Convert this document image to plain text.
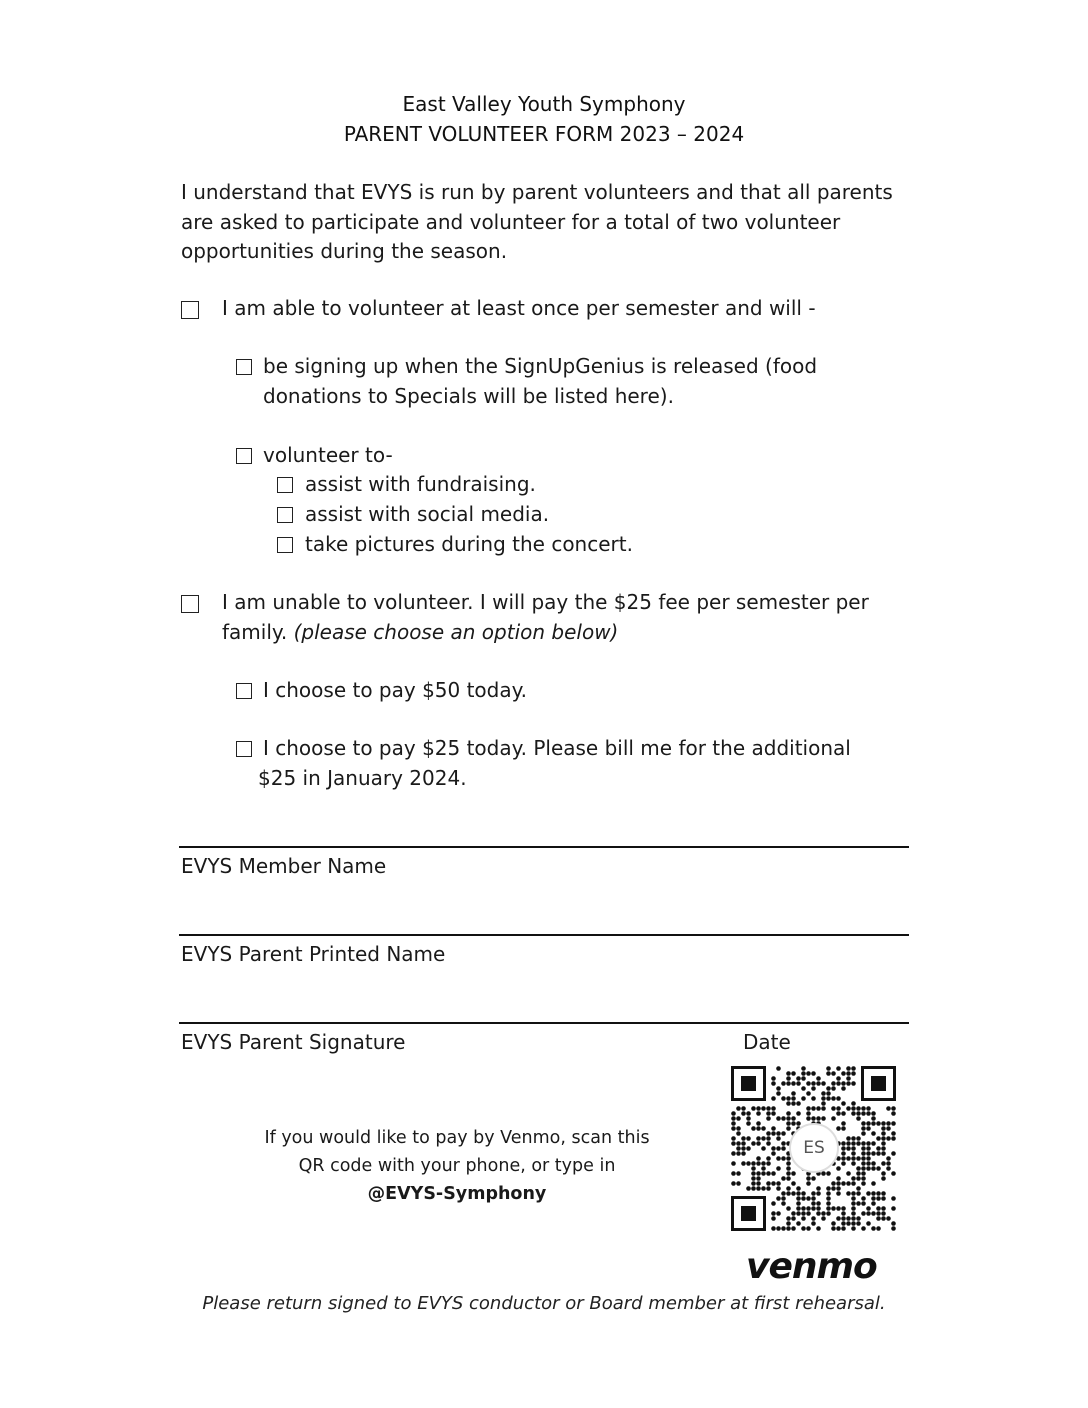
East Valley Youth Symphony
PARENT VOLUNTEER FORM 2023 – 2024
I understand that EVYS is run by parent volunteers and that all parents
are asked to participate and volunteer for a total of two volunteer
opportunities during the season.
I am able to volunteer at least once per semester and will -
be signing up when the SignUpGenius is released (food
donations to Specials will be listed here).
volunteer to-
assist with fundraising.
assist with social media.
take pictures during the concert.
I am unable to volunteer. I will pay the $25 fee per semester per
family. (please choose an option below)
I choose to pay $50 today.
I choose to pay $25 today. Please bill me for the additional
$25 in January 2024.
EVYS Member Name
EVYS Parent Printed Name
EVYS Parent Signature	Date
If you would like to pay by Venmo, scan this
QR code with your phone, or type in
@EVYS-Symphony
ES
venmo
Please return signed to EVYS conductor or Board member at first rehearsal.
